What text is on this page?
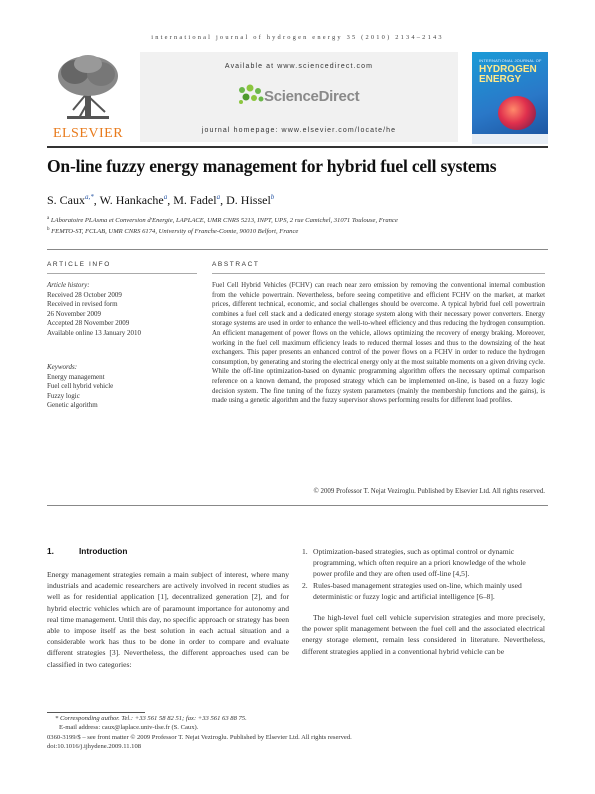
international journal of hydrogen energy 35 (2010) 2134–2143
ELSEVIER
Available at www.sciencedirect.com
ScienceDirect
journal homepage: www.elsevier.com/locate/he
INTERNATIONAL JOURNAL OF
HYDROGEN
ENERGY
On-line fuzzy energy management for hybrid fuel cell systems
S. Caux$^{a,*}$, W. Hankache$^a$, M. Fadel$^a$, D. Hissel$^b$
$^a$ LAboratoire PLAsma et Conversion d'Energie, LAPLACE, UMR CNRS 5213, INPT, UPS, 2 rue Camichel, 31071 Toulouse, France
$^b$ FEMTO-ST, FCLAB, UMR CNRS 6174, University of Franche-Comte, 90010 Belfort, France
ARTICLE INFO	ABSTRACT
Article history:
Received 28 October 2009
Received in revised form
26 November 2009
Accepted 28 November 2009
Available online 13 January 2010
Keywords:
Energy management
Fuel cell hybrid vehicle
Fuzzy logic
Genetic algorithm
Fuel Cell Hybrid Vehicles (FCHV) can reach near zero emission by removing the conventional internal combustion from the vehicle powertrain. Nevertheless, before seeing competitive and efficient FCHV on the market, at market prices, different technical, economic, and social challenges should be overcome. A typical hybrid fuel cell powertrain combines a fuel cell stack and a dedicated energy storage system along with their necessary power converters. Energy storage systems are used in order to enhance the well-to-wheel efficiency and thus reducing the hydrogen consumption. An efficient management of power flows on the vehicle, allows optimizing the recovery of energy braking. Moreover, working in the fuel cell maximum efficiency leads to reduced thermal losses and thus to the downsizing of the heat exchangers. This paper presents an enhanced control of the power flows on a FCHV in order to reduce the hydrogen consumption, by generating and storing the electrical energy only at the most suitable moments on a given driving cycle. While the off-line optimization-based on dynamic programming algorithm offers the necessary optimal comparison reference on a known demand, the proposed strategy which can be implemented on-line, is based on a fuzzy logic decision system. The fine tuning of the fuzzy system parameters (mainly the membership functions and the gains), is made using a genetic algorithm and the fuzzy supervisor shows performing results for different load profiles.
© 2009 Professor T. Nejat Veziroglu. Published by Elsevier Ltd. All rights reserved.
1.	Introduction
Energy management strategies remain a main subject of interest, where many industrials and academic researchers are actively involved in recent studies as well as for residential application [1], decentralized generation [2], and for hybrid electric vehicles which are of paramount importance for autonomy and real time management. Until this day, no specific approach or strategy has been able to impose itself as the best solution in each actual situation and a considerable work has thus to be done in order to compare and evaluate different strategies [3]. Nevertheless, the different approaches used can be classified in two categories:
1. Optimization-based strategies, such as optimal control or dynamic programming, which often require an a priori knowledge of the whole power profile and they are often used off-line [4,5].
2. Rules-based management strategies used on-line, which mainly used deterministic or fuzzy logic and artificial intelligence [6–8].
The high-level fuel cell vehicle supervision strategies and more precisely, the power split management between the fuel cell and the associated electrical energy storage element, remain less considered in literature. Nevertheless, different strategies applied in a conventional hybrid vehicle can be
* Corresponding author. Tel.: +33 561 58 82 51; fax: +33 561 63 88 75.
E-mail address: caux@laplace.univ-tlse.fr (S. Caux).
0360-3199/$ – see front matter © 2009 Professor T. Nejat Veziroglu. Published by Elsevier Ltd. All rights reserved.
doi:10.1016/j.ijhydene.2009.11.108
